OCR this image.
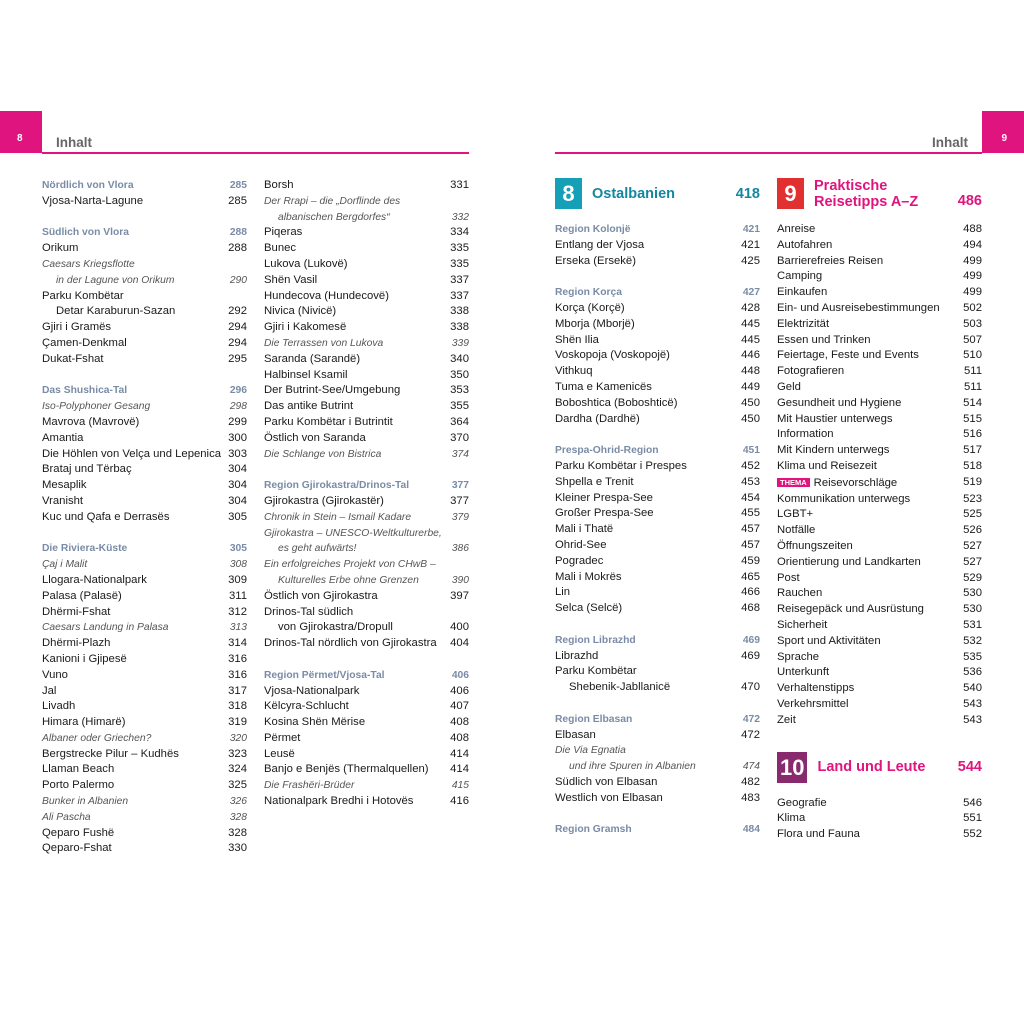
8	Inhalt	9
Inhalt
Nördlich von Vlora	285
Vjosa-Narta-Lagune	285
Südlich von Vlora	288
Orikum	288
Caesars Kriegsflotte
in der Lagune von Orikum	290
Parku Kombëtar
Detar Karaburun-Sazan	292
Gjiri i Gramës	294
Çamen-Denkmal	294
Dukat-Fshat	295
Das Shushica-Tal	296
Iso-Polyphoner Gesang	298
Mavrova (Mavrovë)	299
Amantia	300
Die Höhlen von Velça und Lepenica 303
Brataj und Tërbaç	304
Mesaplik	304
Vranisht	304
Kuc und Qafa e Derrasës	305
Die Riviera-Küste	305
Çaj i Malit	308
Llogara-Nationalpark	309
Palasa (Palasë)	311
Dhërmi-Fshat	312
Caesars Landung in Palasa	313
Dhërmi-Plazh	314
Kanioni i Gjipesë	316
Vuno	316
Jal	317
Livadh	318
Himara (Himarë)	319
Albaner oder Griechen?	320
Bergstrecke Pilur – Kudhës	323
Llaman Beach	324
Porto Palermo	325
Bunker in Albanien	326
Ali Pascha	328
Qeparo Fushë	328
Qeparo-Fshat	330
Borsh	331
Der Rrapi – die „Dorflinde des
albanischen Bergdorfes“	332
Piqeras	334
Bunec	335
Lukova (Lukovë)	335
Shën Vasil	337
Hundecova (Hundecovë)	337
Nivica (Nivicë)	338
Gjiri i Kakomesë	338
Die Terrassen von Lukova	339
Saranda (Sarandë)	340
Halbinsel Ksamil	350
Der Butrint-See/Umgebung	353
Das antike Butrint	355
Parku Kombëtar i Butrintit	364
Östlich von Saranda	370
Die Schlange von Bistrica	374
Region Gjirokastra/Drinos-Tal	377
Gjirokastra (Gjirokastër)	377
Chronik in Stein – Ismail Kadare	379
Gjirokastra – UNESCO-Weltkulturerbe,
es geht aufwärts!	386
Ein erfolgreiches Projekt von CHwB –
Kulturelles Erbe ohne Grenzen	390
Östlich von Gjirokastra	397
Drinos-Tal südlich
von Gjirokastra/Dropull	400
Drinos-Tal nördlich von Gjirokastra	404
Region Përmet/Vjosa-Tal	406
Vjosa-Nationalpark	406
Këlcyra-Schlucht	407
Kosina Shën Mërise	408
Përmet	408
Leusë	414
Banjo e Benjës (Thermalquellen)	414
Die Frashëri-Brüder	415
Nationalpark Bredhi i Hotovës	416
8	Ostalbanien	418
Region Kolonjë	421
Entlang der Vjosa	421
Erseka (Ersekë)	425
Region Korça	427
Korça (Korçë)	428
Mborja (Mborjë)	445
Shën Ilia	445
Voskopoja (Voskopojë)	446
Vithkuq	448
Tuma e Kamenicës	449
Boboshtica (Boboshticë)	450
Dardha (Dardhë)	450
Prespa-Ohrid-Region	451
Parku Kombëtar i Prespes	452
Shpella e Trenit	453
Kleiner Prespa-See	454
Großer Prespa-See	455
Mali i Thatë	457
Ohrid-See	457
Pogradec	459
Mali i Mokrës	465
Lin	466
Selca (Selcë)	468
Region Librazhd	469
Librazhd	469
Parku Kombëtar
Shebenik-Jabllanicë	470
Region Elbasan	472
Elbasan	472
Die Via Egnatia
und ihre Spuren in Albanien	474
Südlich von Elbasan	482
Westlich von Elbasan	483
Region Gramsh	484
9	Praktische
Reisetipps A–Z	486
Anreise	488
Autofahren	494
Barrierefreies Reisen	499
Camping	499
Einkaufen	499
Ein- und Ausreisebestimmungen	502
Elektrizität	503
Essen und Trinken	507
Feiertage, Feste und Events	510
Fotografieren	511
Geld	511
Gesundheit und Hygiene	514
Mit Haustier unterwegs	515
Information	516
Mit Kindern unterwegs	517
Klima und Reisezeit	518
THEMA Reisevorschläge	519
Kommunikation unterwegs	523
LGBT+	525
Notfälle	526
Öffnungszeiten	527
Orientierung und Landkarten	527
Post	529
Rauchen	530
Reisegepäck und Ausrüstung	530
Sicherheit	531
Sport und Aktivitäten	532
Sprache	535
Unterkunft	536
Verhaltenstipps	540
Verkehrsmittel	543
Zeit	543
10 Land und Leute	544
Geografie	546
Klima	551
Flora und Fauna	552
